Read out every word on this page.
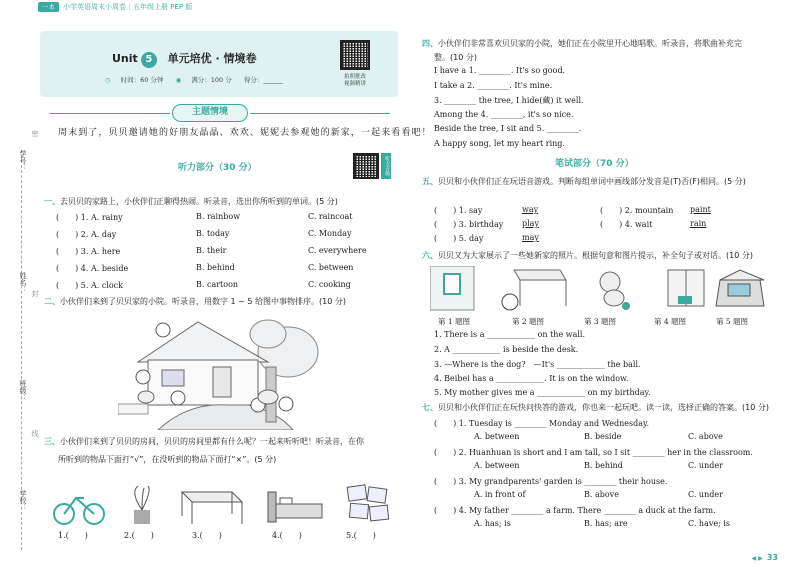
一本 小学英语周末小周卷｜五年级上册 PEP 版
学号：
姓名：
班级：
学校：
密
封
线
Unit 5 单元培优 · 情境卷
◷ 时间：60 分钟 ◉ 满分：100 分 得分：______	拍照批改
视频精讲
主题情境
周末到了，贝贝邀请她的好朋友晶晶、欢欢、妮妮去参观她的新家，一起来看看吧！
听力部分（30 分）	听力音频
一、去贝贝的家路上，小伙伴们正聊得热闹。听录音，选出你所听到的单词。(5 分)
二、小伙伴们来到了贝贝家的小院。听录音，用数字 1 ~ 5 给图中事物排序。(10 分)
三、小伙伴们来到了贝贝的房间，贝贝的房间里都有什么呢？一起来听听吧！听录音，在你
所听到的物品下面打“√”，在没听到的物品下面打“×”。(5 分)
四、小伙伴们非常喜欢贝贝家的小院，她们正在小院里开心地唱歌。听录音，将歌曲补充完
整。(10 分)
笔试部分（70 分）
五、贝贝和小伙伴们正在玩语音游戏。判断每组单词中画线部分发音是(T)否(F)相同。(5 分)
六、贝贝又为大家展示了一些她新家的照片。根据句意和图片提示，补全句子或对话。(10 分)
七、贝贝和小伙伴们正在玩快问快答的游戏，你也来一起玩吧。读一读，选择正确的答案。(10 分)
◀ ▶ 33
(　　) 1. A. rainy	B. rainbow	C. raincoat
(　　) 2. A. day	B. today	C. Monday
(　　) 3. A. here	B. their	C. everywhere
(　　) 4. A. beside	B. behind	C. between
(　　) 5. A. clock	B. cartoon	C. cooking
1.(　　)	2.(　　)	3.(　　)	4.(　　)	5.(　　)
I have a 1. ________. It's so good.
I take a 2. ________. It's mine.
3. ________ the tree, I hide(藏) it well.
Among the 4. ________, it's so nice.
Beside the tree, I sit and 5. ________.
A happy song, let my heart ring.
(　　) 1. say	way	(　　) 2. mountain paint
(　　) 3. birthday play	(　　) 4. wait	rain
(　　) 5. day	may
第 1 题图	第 2 题图	第 3 题图	第 4 题图	第 5 题图
1. There is a ____________ on the wall.
2. A ____________ is beside the desk.
3. —Where is the dog?　—It's ____________ the ball.
4. Beibei has a ____________. It is on the window.
5. My mother gives me a ____________ on my birthday.
(　　) 1. Tuesday is ________ Monday and Wednesday.
A. between	B. beside	C. above
(　　) 2. Huanhuan is short and I am tall, so I sit ________ her in the classroom.
A. between	B. behind	C. under
(　　) 3. My grandparents' garden is ________ their house.
A. in front of	B. above	C. under
(　　) 4. My father ________ a farm. There ________ a duck at the farm.
A. has; is	B. has; are	C. have; is
